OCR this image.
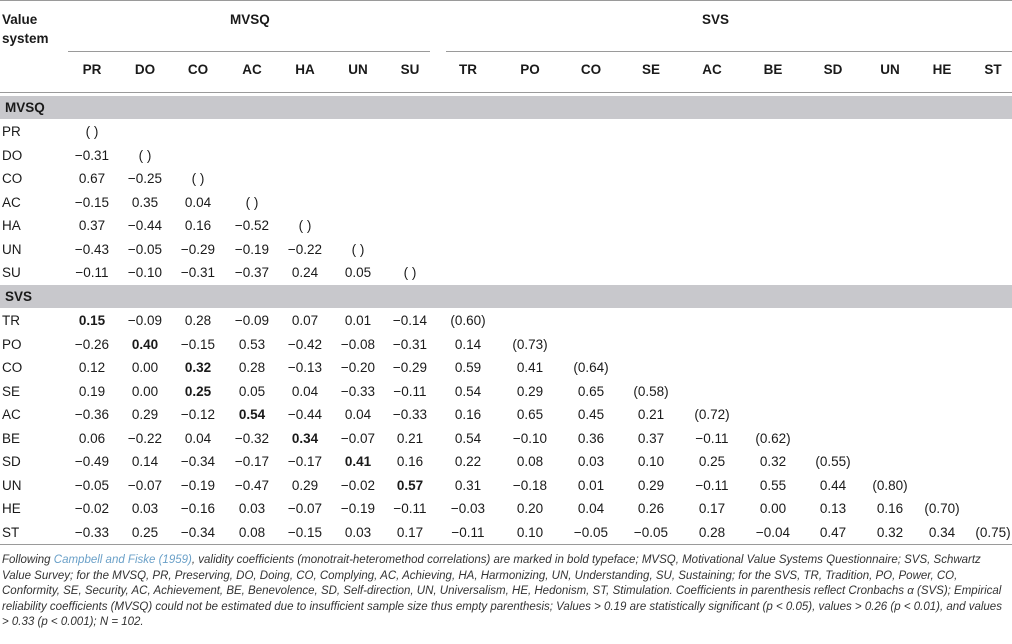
Value system
MVSQ	SVS
PR	DO	CO	AC	HA	UN	SU	TR	PO	CO	SE	AC	BE	SD	UN	HE	ST
MVSQ
PR	( )
DO	−0.31	( )
CO	0.67	−0.25	( )
AC	−0.15	0.35	0.04	( )
HA	0.37	−0.44	0.16	−0.52	( )
UN	−0.43	−0.05	−0.29	−0.19	−0.22	( )
SU	−0.11	−0.10	−0.31	−0.37	0.24	0.05	( )
SVS
TR	0.15	−0.09	0.28	−0.09	0.07	0.01	−0.14	(0.60)
PO	−0.26	0.40	−0.15	0.53	−0.42	−0.08	−0.31	0.14	(0.73)
CO	0.12	0.00	0.32	0.28	−0.13	−0.20	−0.29	0.59	0.41	(0.64)
SE	0.19	0.00	0.25	0.05	0.04	−0.33	−0.11	0.54	0.29	0.65	(0.58)
AC	−0.36	0.29	−0.12	0.54	−0.44	0.04	−0.33	0.16	0.65	0.45	0.21	(0.72)
BE	0.06	−0.22	0.04	−0.32	0.34	−0.07	0.21	0.54	−0.10	0.36	0.37	−0.11	(0.62)
SD	−0.49	0.14	−0.34	−0.17	−0.17	0.41	0.16	0.22	0.08	0.03	0.10	0.25	0.32	(0.55)
UN	−0.05	−0.07	−0.19	−0.47	0.29	−0.02	0.57	0.31	−0.18	0.01	0.29	−0.11	0.55	0.44	(0.80)
HE	−0.02	0.03	−0.16	0.03	−0.07	−0.19	−0.11	−0.03	0.20	0.04	0.26	0.17	0.00	0.13	0.16	(0.70)
ST	−0.33	0.25	−0.34	0.08	−0.15	0.03	0.17	−0.11	0.10	−0.05	−0.05	0.28	−0.04	0.47	0.32	0.34	(0.75)
Following Campbell and Fiske (1959), validity coefficients (monotrait-heteromethod correlations) are marked in bold typeface; MVSQ, Motivational Value Systems Questionnaire; SVS, Schwartz Value Survey; for the MVSQ, PR, Preserving, DO, Doing, CO, Complying, AC, Achieving, HA, Harmonizing, UN, Understanding, SU, Sustaining; for the SVS, TR, Tradition, PO, Power, CO, Conformity, SE, Security, AC, Achievement, BE, Benevolence, SD, Self-direction, UN, Universalism, HE, Hedonism, ST, Stimulation. Coefficients in parenthesis reflect Cronbachs α (SVS); Empirical reliability coefficients (MVSQ) could not be estimated due to insufficient sample size thus empty parenthesis; Values > 0.19 are statistically significant (p < 0.05), values > 0.26 (p < 0.01), and values > 0.33 (p < 0.001); N = 102.
